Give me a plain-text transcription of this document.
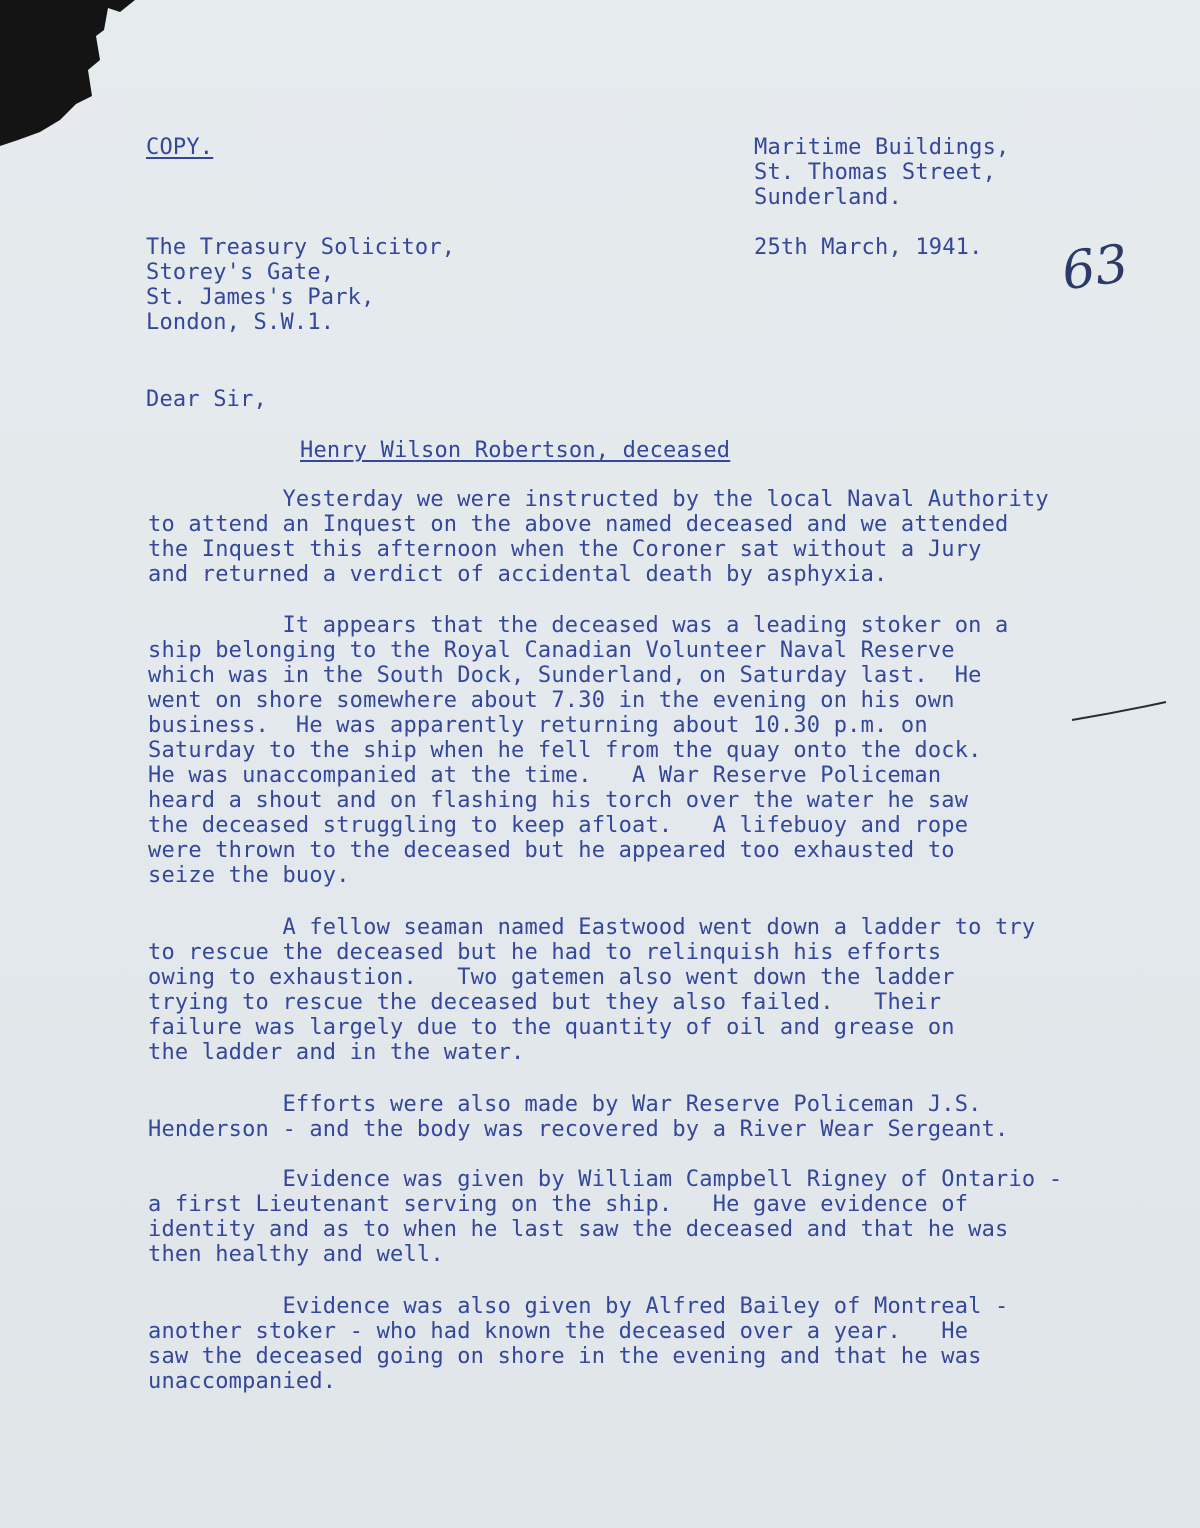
COPY.	Maritime Buildings,
St. Thomas Street,
Sunderland.
The Treasury Solicitor,
Storey's Gate,
St. James's Park,
London, S.W.1.
25th March, 1941. 63
Dear Sir,
Henry Wilson Robertson, deceased
Yesterday we were instructed by the local Naval Authority
to attend an Inquest on the above named deceased and we attended
the Inquest this afternoon when the Coroner sat without a Jury
and returned a verdict of accidental death by asphyxia.
It appears that the deceased was a leading stoker on a
ship belonging to the Royal Canadian Volunteer Naval Reserve
which was in the South Dock, Sunderland, on Saturday last.  He
went on shore somewhere about 7.30 in the evening on his own
business.  He was apparently returning about 10.30 p.m. on
Saturday to the ship when he fell from the quay onto the dock.
He was unaccompanied at the time.   A War Reserve Policeman
heard a shout and on flashing his torch over the water he saw
the deceased struggling to keep afloat.   A lifebuoy and rope
were thrown to the deceased but he appeared too exhausted to
seize the buoy.
A fellow seaman named Eastwood went down a ladder to try
to rescue the deceased but he had to relinquish his efforts
owing to exhaustion.   Two gatemen also went down the ladder
trying to rescue the deceased but they also failed.   Their
failure was largely due to the quantity of oil and grease on
the ladder and in the water.
Efforts were also made by War Reserve Policeman J.S.
Henderson - and the body was recovered by a River Wear Sergeant.
Evidence was given by William Campbell Rigney of Ontario -
a first Lieutenant serving on the ship.   He gave evidence of
identity and as to when he last saw the deceased and that he was
then healthy and well.
Evidence was also given by Alfred Bailey of Montreal -
another stoker - who had known the deceased over a year.   He
saw the deceased going on shore in the evening and that he was
unaccompanied.
